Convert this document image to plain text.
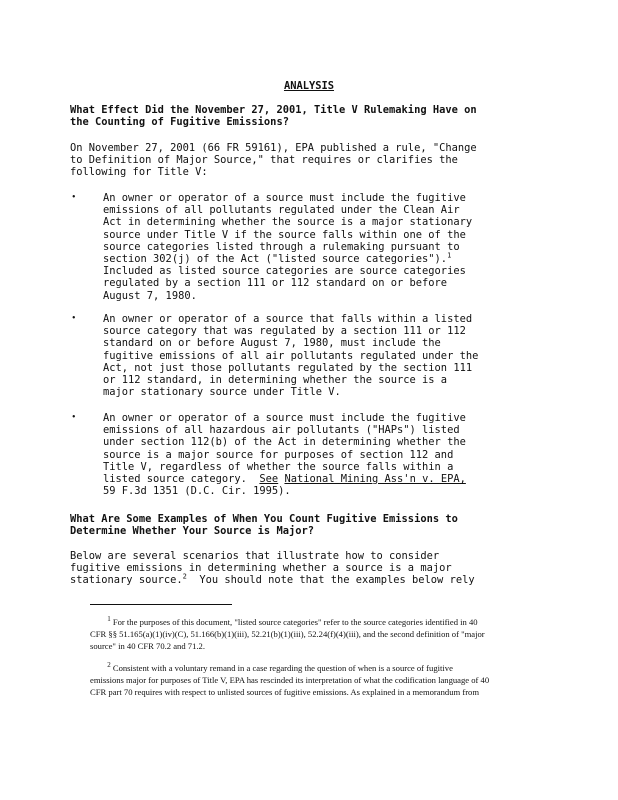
ANALYSIS
What Effect Did the November 27, 2001, Title V Rulemaking Have on
the Counting of Fugitive Emissions?
On November 27, 2001 (66 FR 59161), EPA published a rule, "Change
to Definition of Major Source," that requires or clarifies the
following for Title V:
•	An owner or operator of a source must include the fugitive
emissions of all pollutants regulated under the Clean Air
Act in determining whether the source is a major stationary
source under Title V if the source falls within one of the
source categories listed through a rulemaking pursuant to
section 302(j) of the Act ("listed source categories").$^1$
Included as listed source categories are source categories
regulated by a section 111 or 112 standard on or before
August 7, 1980.
•	An owner or operator of a source that falls within a listed
source category that was regulated by a section 111 or 112
standard on or before August 7, 1980, must include the
fugitive emissions of all air pollutants regulated under the
Act, not just those pollutants regulated by the section 111
or 112 standard, in determining whether the source is a
major stationary source under Title V.
•	An owner or operator of a source must include the fugitive
emissions of all hazardous air pollutants ("HAPs") listed
under section 112(b) of the Act in determining whether the
source is a major source for purposes of section 112 and
Title V, regardless of whether the source falls within a
listed source category. See National Mining Ass'n v. EPA,
59 F.3d 1351 (D.C. Cir. 1995).
What Are Some Examples of When You Count Fugitive Emissions to
Determine Whether Your Source is Major?
Below are several scenarios that illustrate how to consider
fugitive emissions in determining whether a source is a major
stationary source.$^2$  You should note that the examples below rely
$^1$ For the purposes of this document, "listed source categories" refer to the source categories identified in 40
CFR §§ 51.165(a)(1)(iv)(C), 51.166(b)(1)(iii), 52.21(b)(1)(iii), 52.24(f)(4)(iii), and the second definition of "major
source" in 40 CFR 70.2 and 71.2.
$^2$ Consistent with a voluntary remand in a case regarding the question of when is a source of fugitive
emissions major for purposes of Title V, EPA has rescinded its interpretation of what the codification language of 40
CFR part 70 requires with respect to unlisted sources of fugitive emissions. As explained in a memorandum from
